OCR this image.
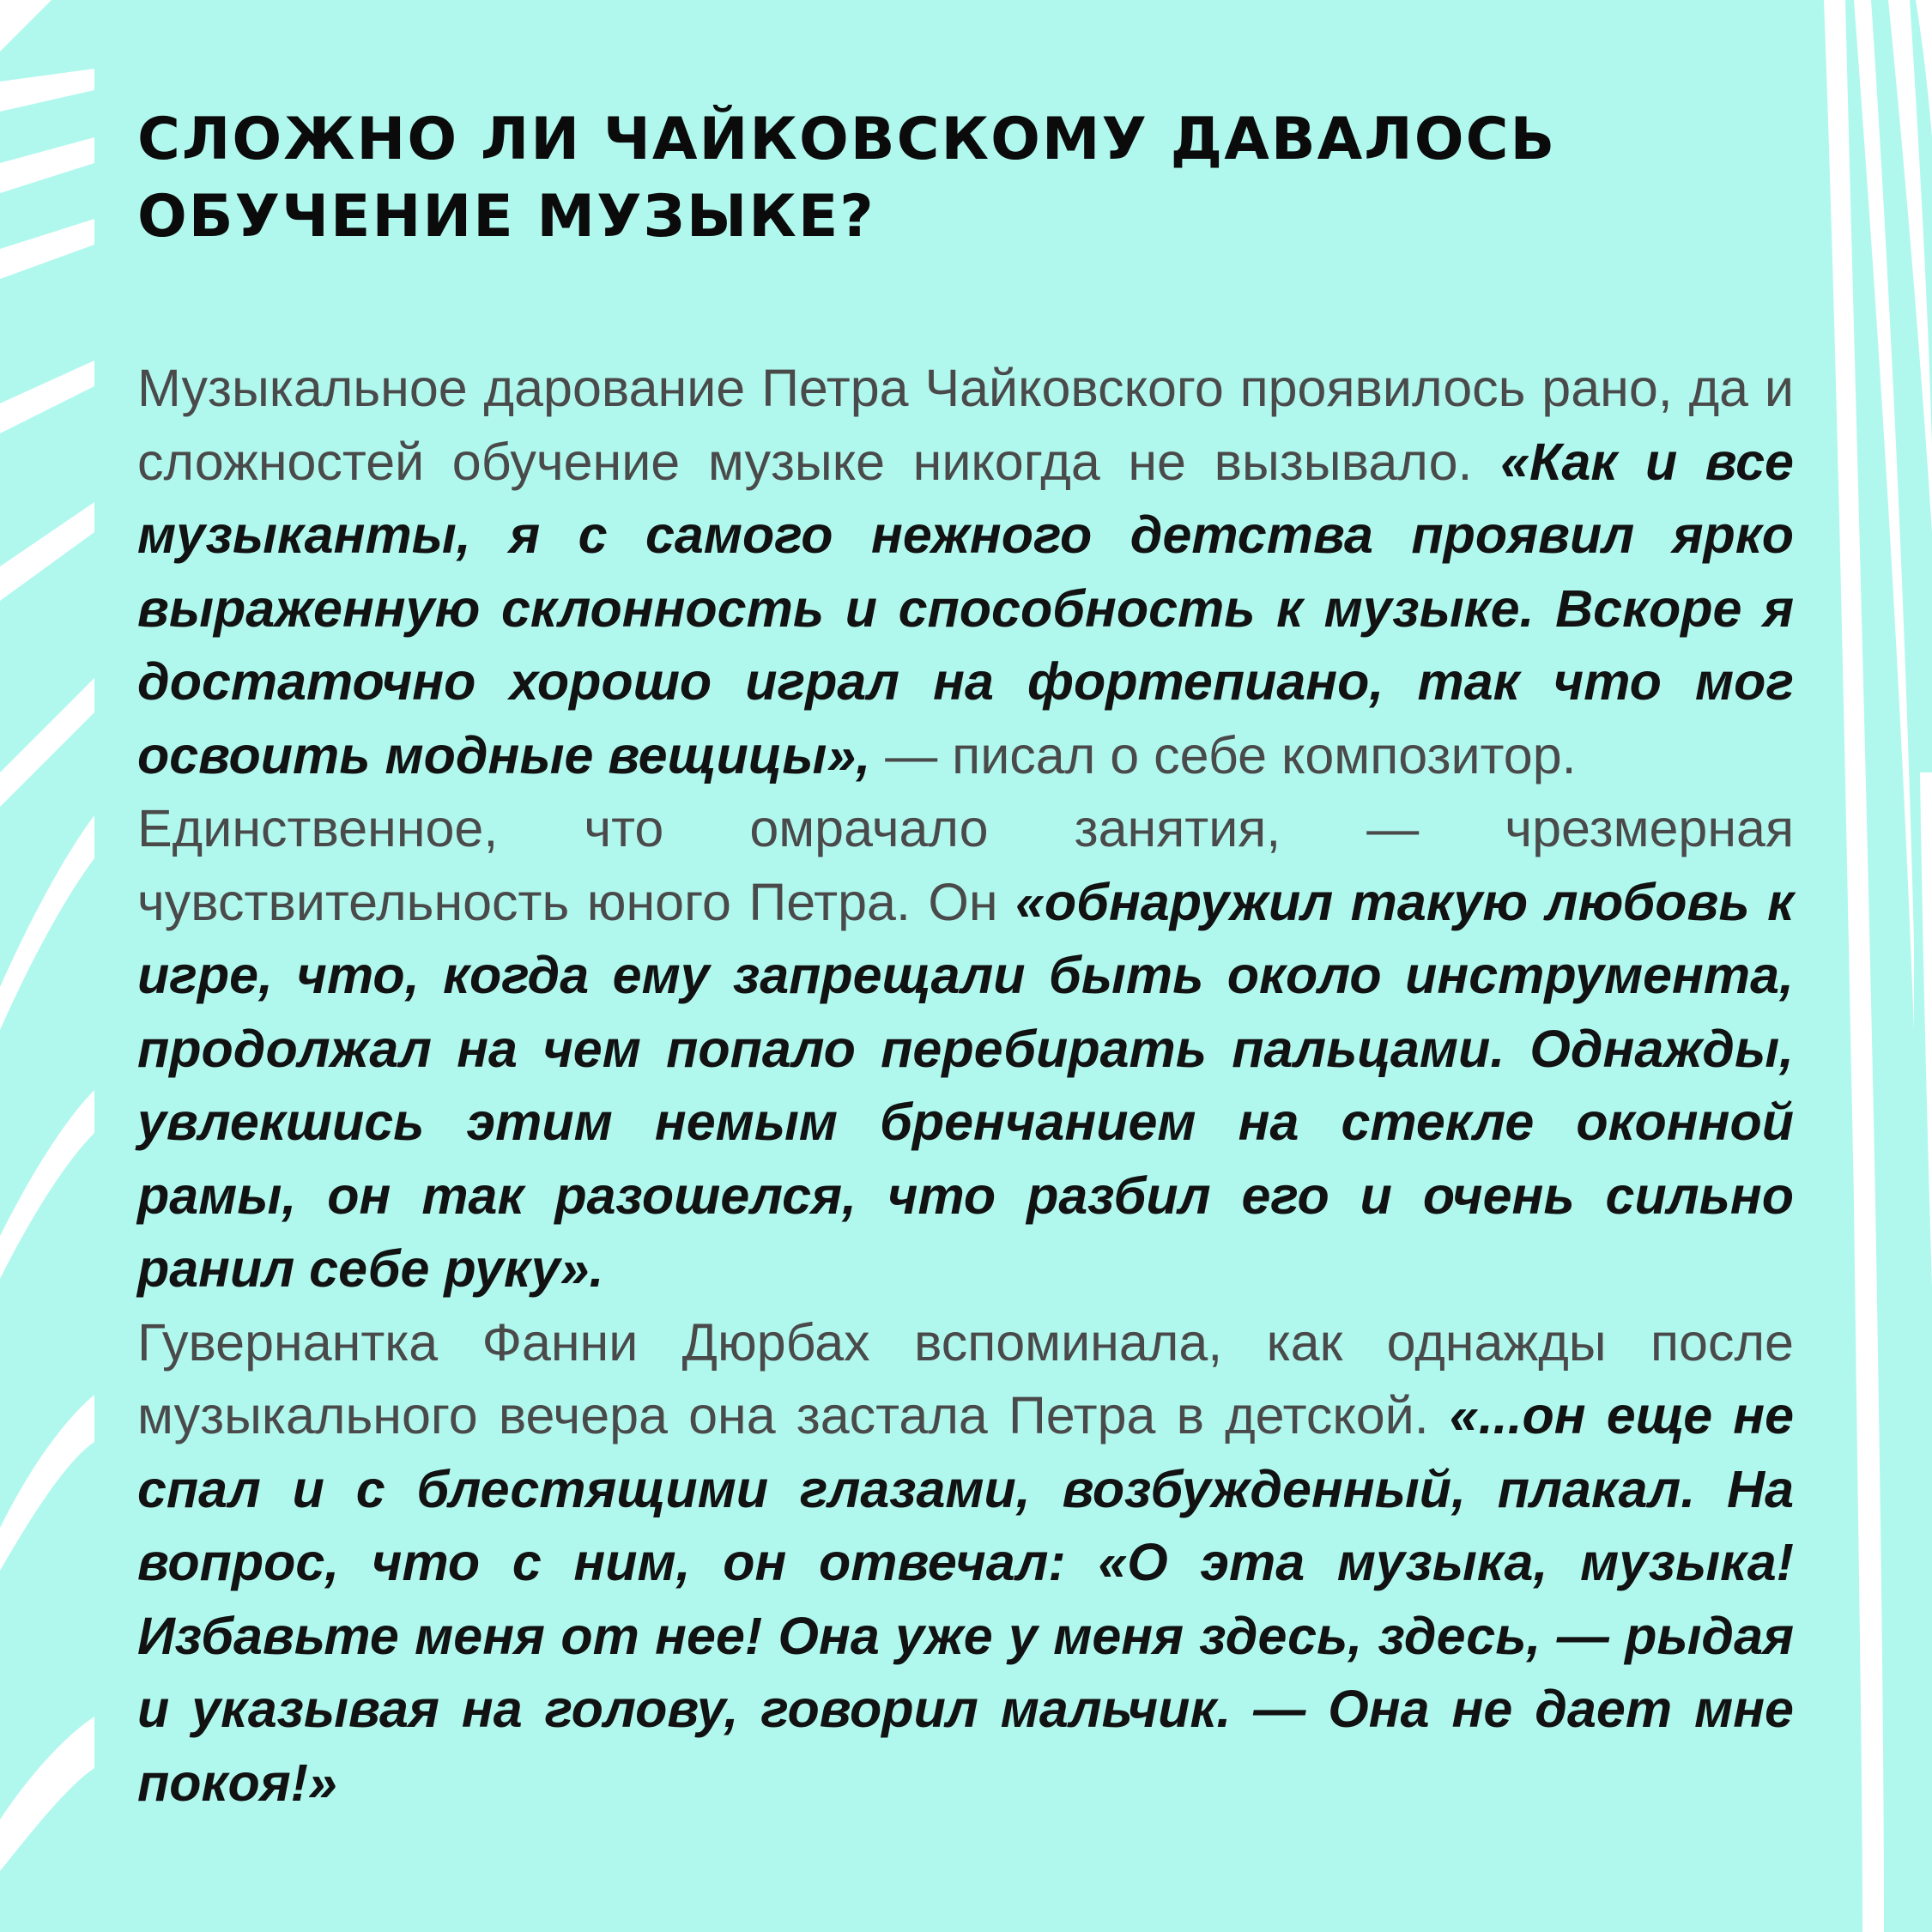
СЛОЖНО ЛИ ЧАЙКОВСКОМУ ДАВАЛОСЬ
ОБУЧЕНИЕ МУЗЫКЕ?

Музыкальное дарование Петра Чайковского проявилось рано, да и сложностей обучение музыке никогда не вызывало. «Как и все музыканты, я с самого нежного детства проявил ярко выраженную склонность и способность к музыке. Вскоре я достаточно хорошо играл на фортепиано, так что мог освоить модные вещицы», — писал о себе композитор.

Единственное, что омрачало занятия, — чрезмерная чувствительность юного Петра. Он «обнаружил такую любовь к игре, что, когда ему запрещали быть около инструмента, продолжал на чем попало перебирать пальцами. Однажды, увлекшись этим немым бренчанием на стекле оконной рамы, он так разошелся, что разбил его и очень сильно ранил себе руку».

Гувернантка Фанни Дюрбах вспоминала, как однажды после музыкального вечера она застала Петра в детской. «...он еще не спал и с блестящими глазами, возбужденный, плакал. На вопрос, что с ним, он отвечал: «О эта музыка, музыка! Избавьте меня от нее! Она уже у меня здесь, здесь, — рыдая и указывая на голову, говорил мальчик. — Она не дает мне покоя!»
